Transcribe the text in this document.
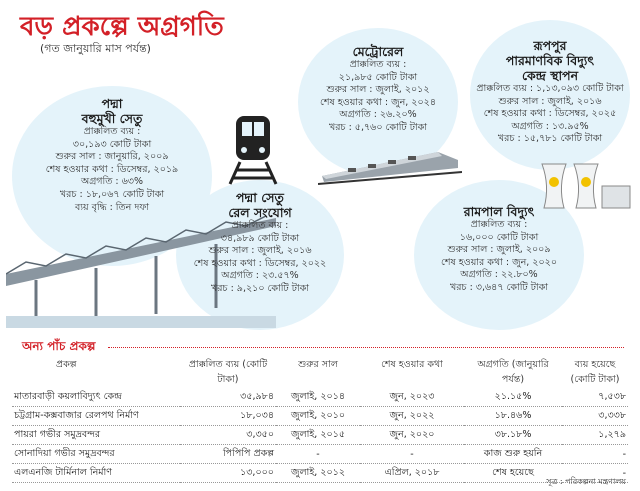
বড় প্রকল্পে অগ্রগতি
(গত জানুয়ারি মাস পর্যন্ত)
পদ্মা
বহুমুখী সেতু
প্রাক্কলিত ব্যয় :
৩০,১৯৩ কোটি টাকা
শুরুর সাল : জানুয়ারি, ২০০৯
শেষ হওয়ার কথা : ডিসেম্বর, ২০১৯
অগ্রগতি : ৬৩%
খরচ : ১৮,০৬৭ কোটি টাকা
ব্যয় বৃদ্ধি : তিন দফা
মেট্রোরেল
প্রাক্কলিত ব্যয় :
২১,৯৮৫ কোটি টাকা
শুরুর সাল : জুলাই, ২০১২
শেষ হওয়ার কথা : জুন, ২০২৪
অগ্রগতি : ২৬.২০%
খরচ : ৫,৭৬০ কোটি টাকা
রূপপুর
পারমাণবিক বিদ্যুৎ
কেন্দ্র স্থাপন
প্রাক্কলিত ব্যয় : ১,১৩,০৯৩ কোটি টাকা
শুরুর সাল : জুলাই, ২০১৬
শেষ হওয়ার কথা : ডিসেম্বর, ২০২৫
অগ্রগতি : ১৩.৯৫%
খরচ : ১৫,৭৮১ কোটি টাকা
পদ্মা সেতু
রেল সংযোগ
প্রাক্কলিত ব্যয় :
৩৪,৯৮৯ কোটি টাকা
শুরুর সাল : জুলাই, ২০১৬
শেষ হওয়ার কথা : ডিসেম্বর, ২০২২
অগ্রগতি : ২৩.৫৭%
খরচ : ৯,২১০ কোটি টাকা
রামপাল বিদ্যুৎ
প্রাক্কলিত ব্যয় :
১৬,০০০ কোটি টাকা
শুরুর সাল : জুলাই, ২০০৯
শেষ হওয়ার কথা : জুন, ২০২০
অগ্রগতি : ২২.৮০%
খরচ : ৩,৬৪৭ কোটি টাকা
অন্য পাঁচ প্রকল্প
প্রকল্প	প্রাক্কলিত ব্যয় (কোটি টাকা)	শুরুর সাল	শেষ হওয়ার কথা	অগ্রগতি (জানুয়ারি পর্যন্ত)	ব্যয় হয়েছে (কোটি টাকা)
মাতারবাড়ী কয়লাবিদ্যুৎ কেন্দ্র	৩৫,৯৮৪	জুলাই, ২০১৪	জুন, ২০২৩	২১.১৫%	৭,৫৩৮
চট্টগ্রাম-কক্সবাজার রেলপথ নির্মাণ	১৮,০৩৪	জুলাই, ২০১০	জুন, ২০২২	১৮.৪৬%	৩,৩৩৮
পায়রা গভীর সমুদ্রবন্দর	৩,৩৫০	জুলাই, ২০১৫	জুন, ২০২০	৩৮.১৮%	১,২৭৯
সোনাদিয়া গভীর সমুদ্রবন্দর	পিপিপি প্রকল্প	-	-	কাজ শুরু হয়নি	-
এলএনজি টার্মিনাল নির্মাণ	১৩,০০০	জুলাই, ২০১২	এপ্রিল, ২০১৮	শেষ হয়েছে	-
সূত্র : পরিকল্পনা মন্ত্রণালয়
